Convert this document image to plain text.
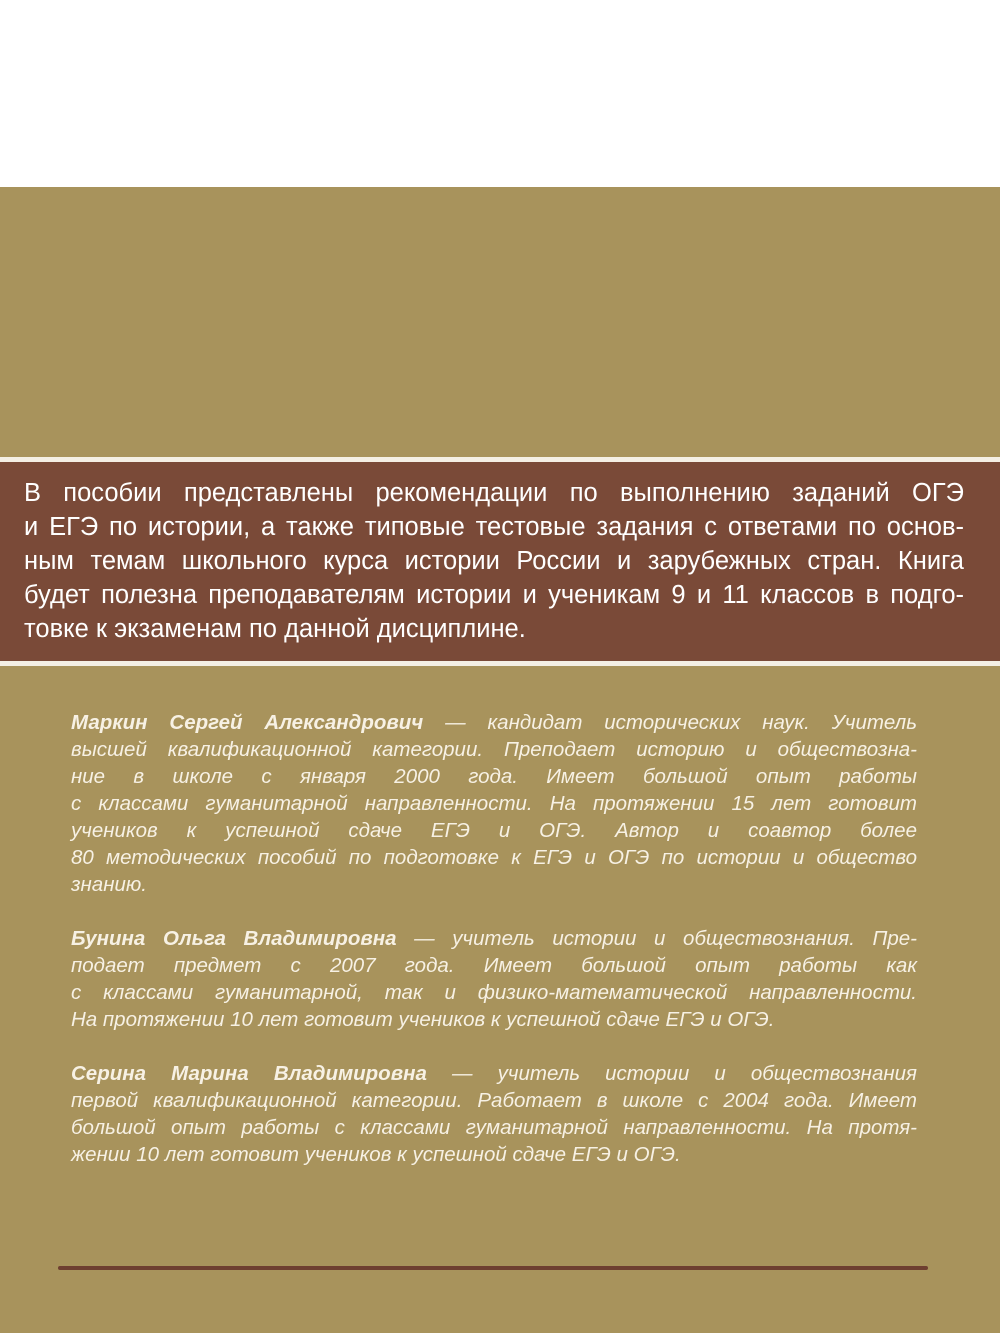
В пособии представлены рекомендации по выполнению заданий ОГЭ
и ЕГЭ по истории, а также типовые тестовые задания с ответами по основ-
ным темам школьного курса истории России и зарубежных стран. Книга
будет полезна преподавателям истории и ученикам 9 и 11 классов в подго-
товке к экзаменам по данной дисциплине.

Маркин Сергей Александрович — кандидат исторических наук. Учитель
высшей квалификационной категории. Преподает историю и обществозна-
ние в школе с января 2000 года. Имеет большой опыт работы
с классами гуманитарной направленности. На протяжении 15 лет готовит
учеников к успешной сдаче ЕГЭ и ОГЭ. Автор и соавтор более
80 методических пособий по подготовке к ЕГЭ и ОГЭ по истории и общество
знанию.
Бунина Ольга Владимировна — учитель истории и обществознания. Пре-
подает предмет с 2007 года. Имеет большой опыт работы как
с классами гуманитарной, так и физико-математической направленности.
На протяжении 10 лет готовит учеников к успешной сдаче ЕГЭ и ОГЭ.
Серина Марина Владимировна — учитель истории и обществознания
первой квалификационной категории. Работает в школе с 2004 года. Имеет
большой опыт работы с классами гуманитарной направленности. На протя-
жении 10 лет готовит учеников к успешной сдаче ЕГЭ и ОГЭ.
